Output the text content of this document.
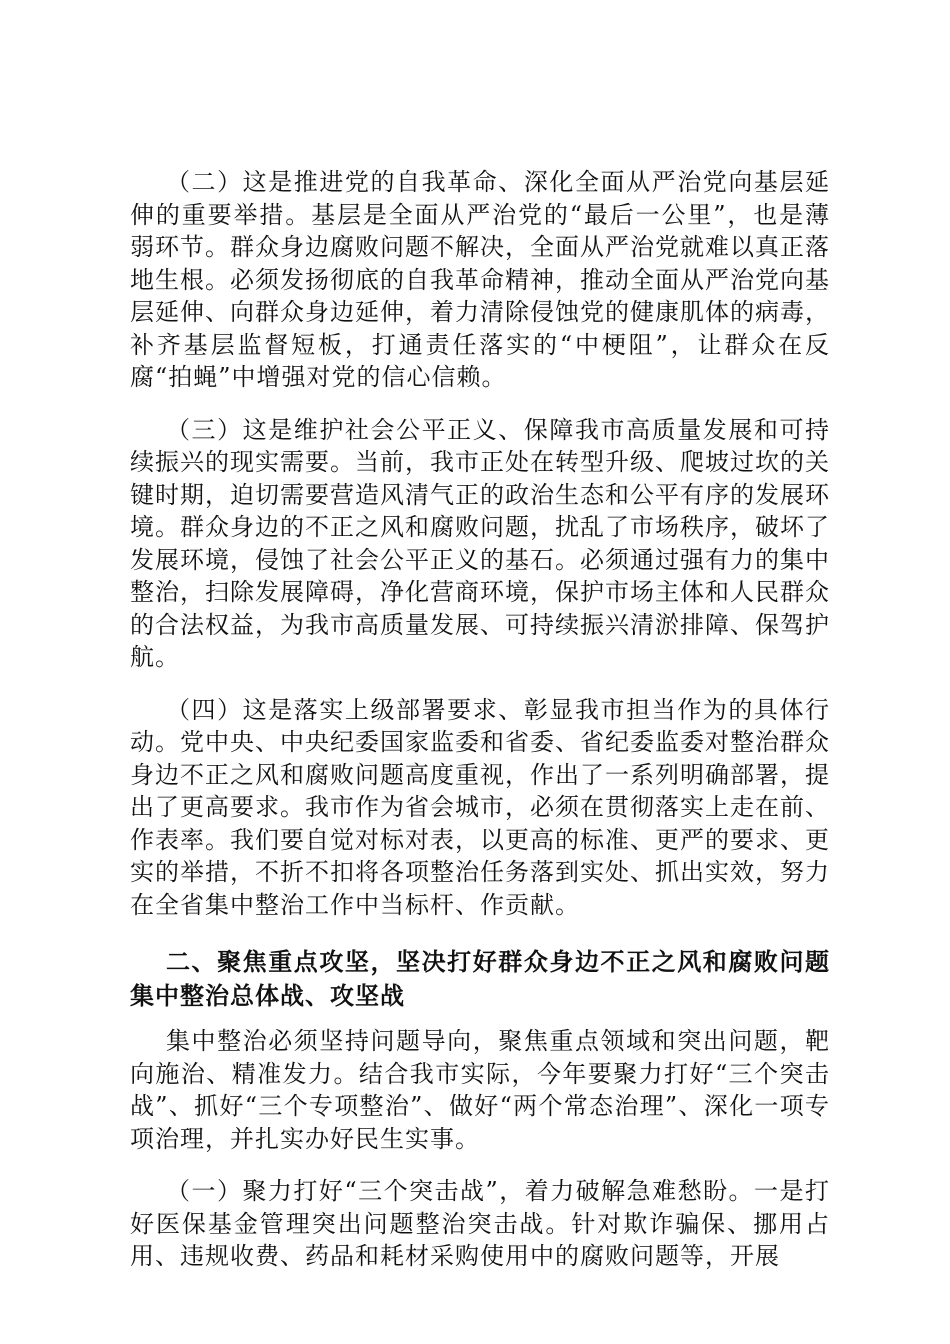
（二）这是推进党的自我革命、深化全面从严治党向基层延伸的重要举措。基层是全面从严治党的“最后一公里”，也是薄弱环节。群众身边腐败问题不解决，全面从严治党就难以真正落地生根。必须发扬彻底的自我革命精神，推动全面从严治党向基层延伸、向群众身边延伸，着力清除侵蚀党的健康肌体的病毒，补齐基层监督短板，打通责任落实的“中梗阻”，让群众在反腐“拍蝇”中增强对党的信心信赖。

（三）这是维护社会公平正义、保障我市高质量发展和可持续振兴的现实需要。当前，我市正处在转型升级、爬坡过坎的关键时期，迫切需要营造风清气正的政治生态和公平有序的发展环境。群众身边的不正之风和腐败问题，扰乱了市场秩序，破坏了发展环境，侵蚀了社会公平正义的基石。必须通过强有力的集中整治，扫除发展障碍，净化营商环境，保护市场主体和人民群众的合法权益，为我市高质量发展、可持续振兴清淤排障、保驾护航。

（四）这是落实上级部署要求、彰显我市担当作为的具体行动。党中央、中央纪委国家监委和省委、省纪委监委对整治群众身边不正之风和腐败问题高度重视，作出了一系列明确部署，提出了更高要求。我市作为省会城市，必须在贯彻落实上走在前、作表率。我们要自觉对标对表，以更高的标准、更严的要求、更实的举措，不折不扣将各项整治任务落到实处、抓出实效，努力在全省集中整治工作中当标杆、作贡献。

二、聚焦重点攻坚，坚决打好群众身边不正之风和腐败问题集中整治总体战、攻坚战

集中整治必须坚持问题导向，聚焦重点领域和突出问题，靶向施治、精准发力。结合我市实际，今年要聚力打好“三个突击战”、抓好“三个专项整治”、做好“两个常态治理”、深化一项专项治理，并扎实办好民生实事。

（一）聚力打好“三个突击战”，着力破解急难愁盼。一是打好医保基金管理突出问题整治突击战。针对欺诈骗保、挪用占用、违规收费、药品和耗材采购使用中的腐败问题等，开展
